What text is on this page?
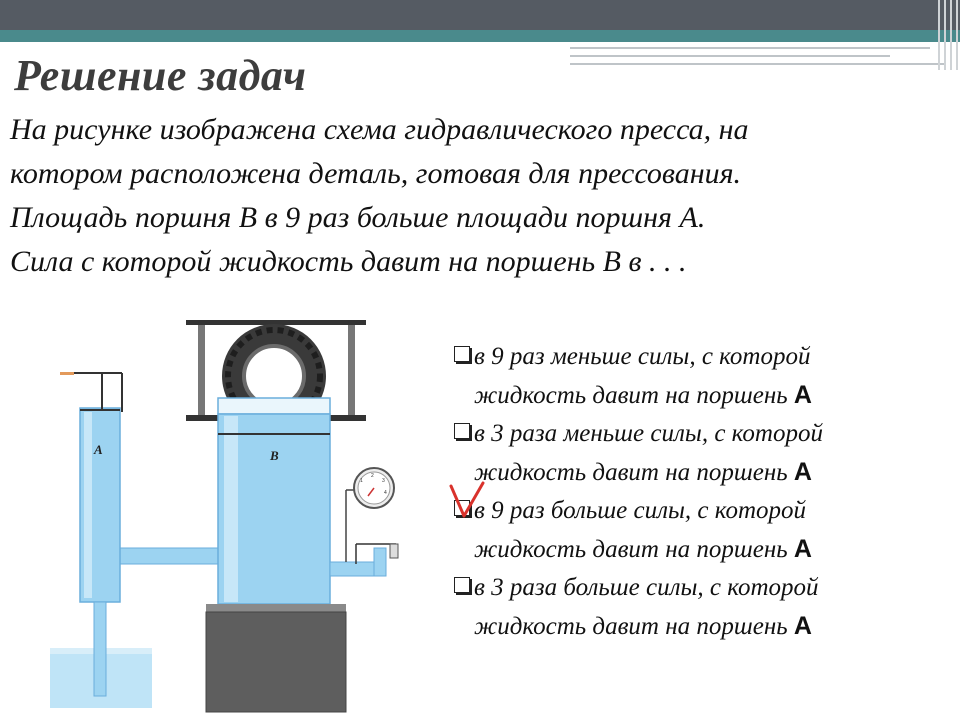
Решение задач

На рисунке изображена схема гидравлического пресса, на
котором расположена деталь, готовая для прессования.
Площадь поршня В в 9 раз больше площади поршня А.
Сила с которой жидкость давит на поршень В в . . .

A	B
1
2
3
4
в 9 раз меньше силы, с которой
жидкость давит на поршень А
в 3 раза меньше силы, с которой
жидкость давит на поршень А
в 9 раз больше силы, с которой
жидкость давит на поршень А
в 3 раза больше силы, с которой
жидкость давит на поршень А
